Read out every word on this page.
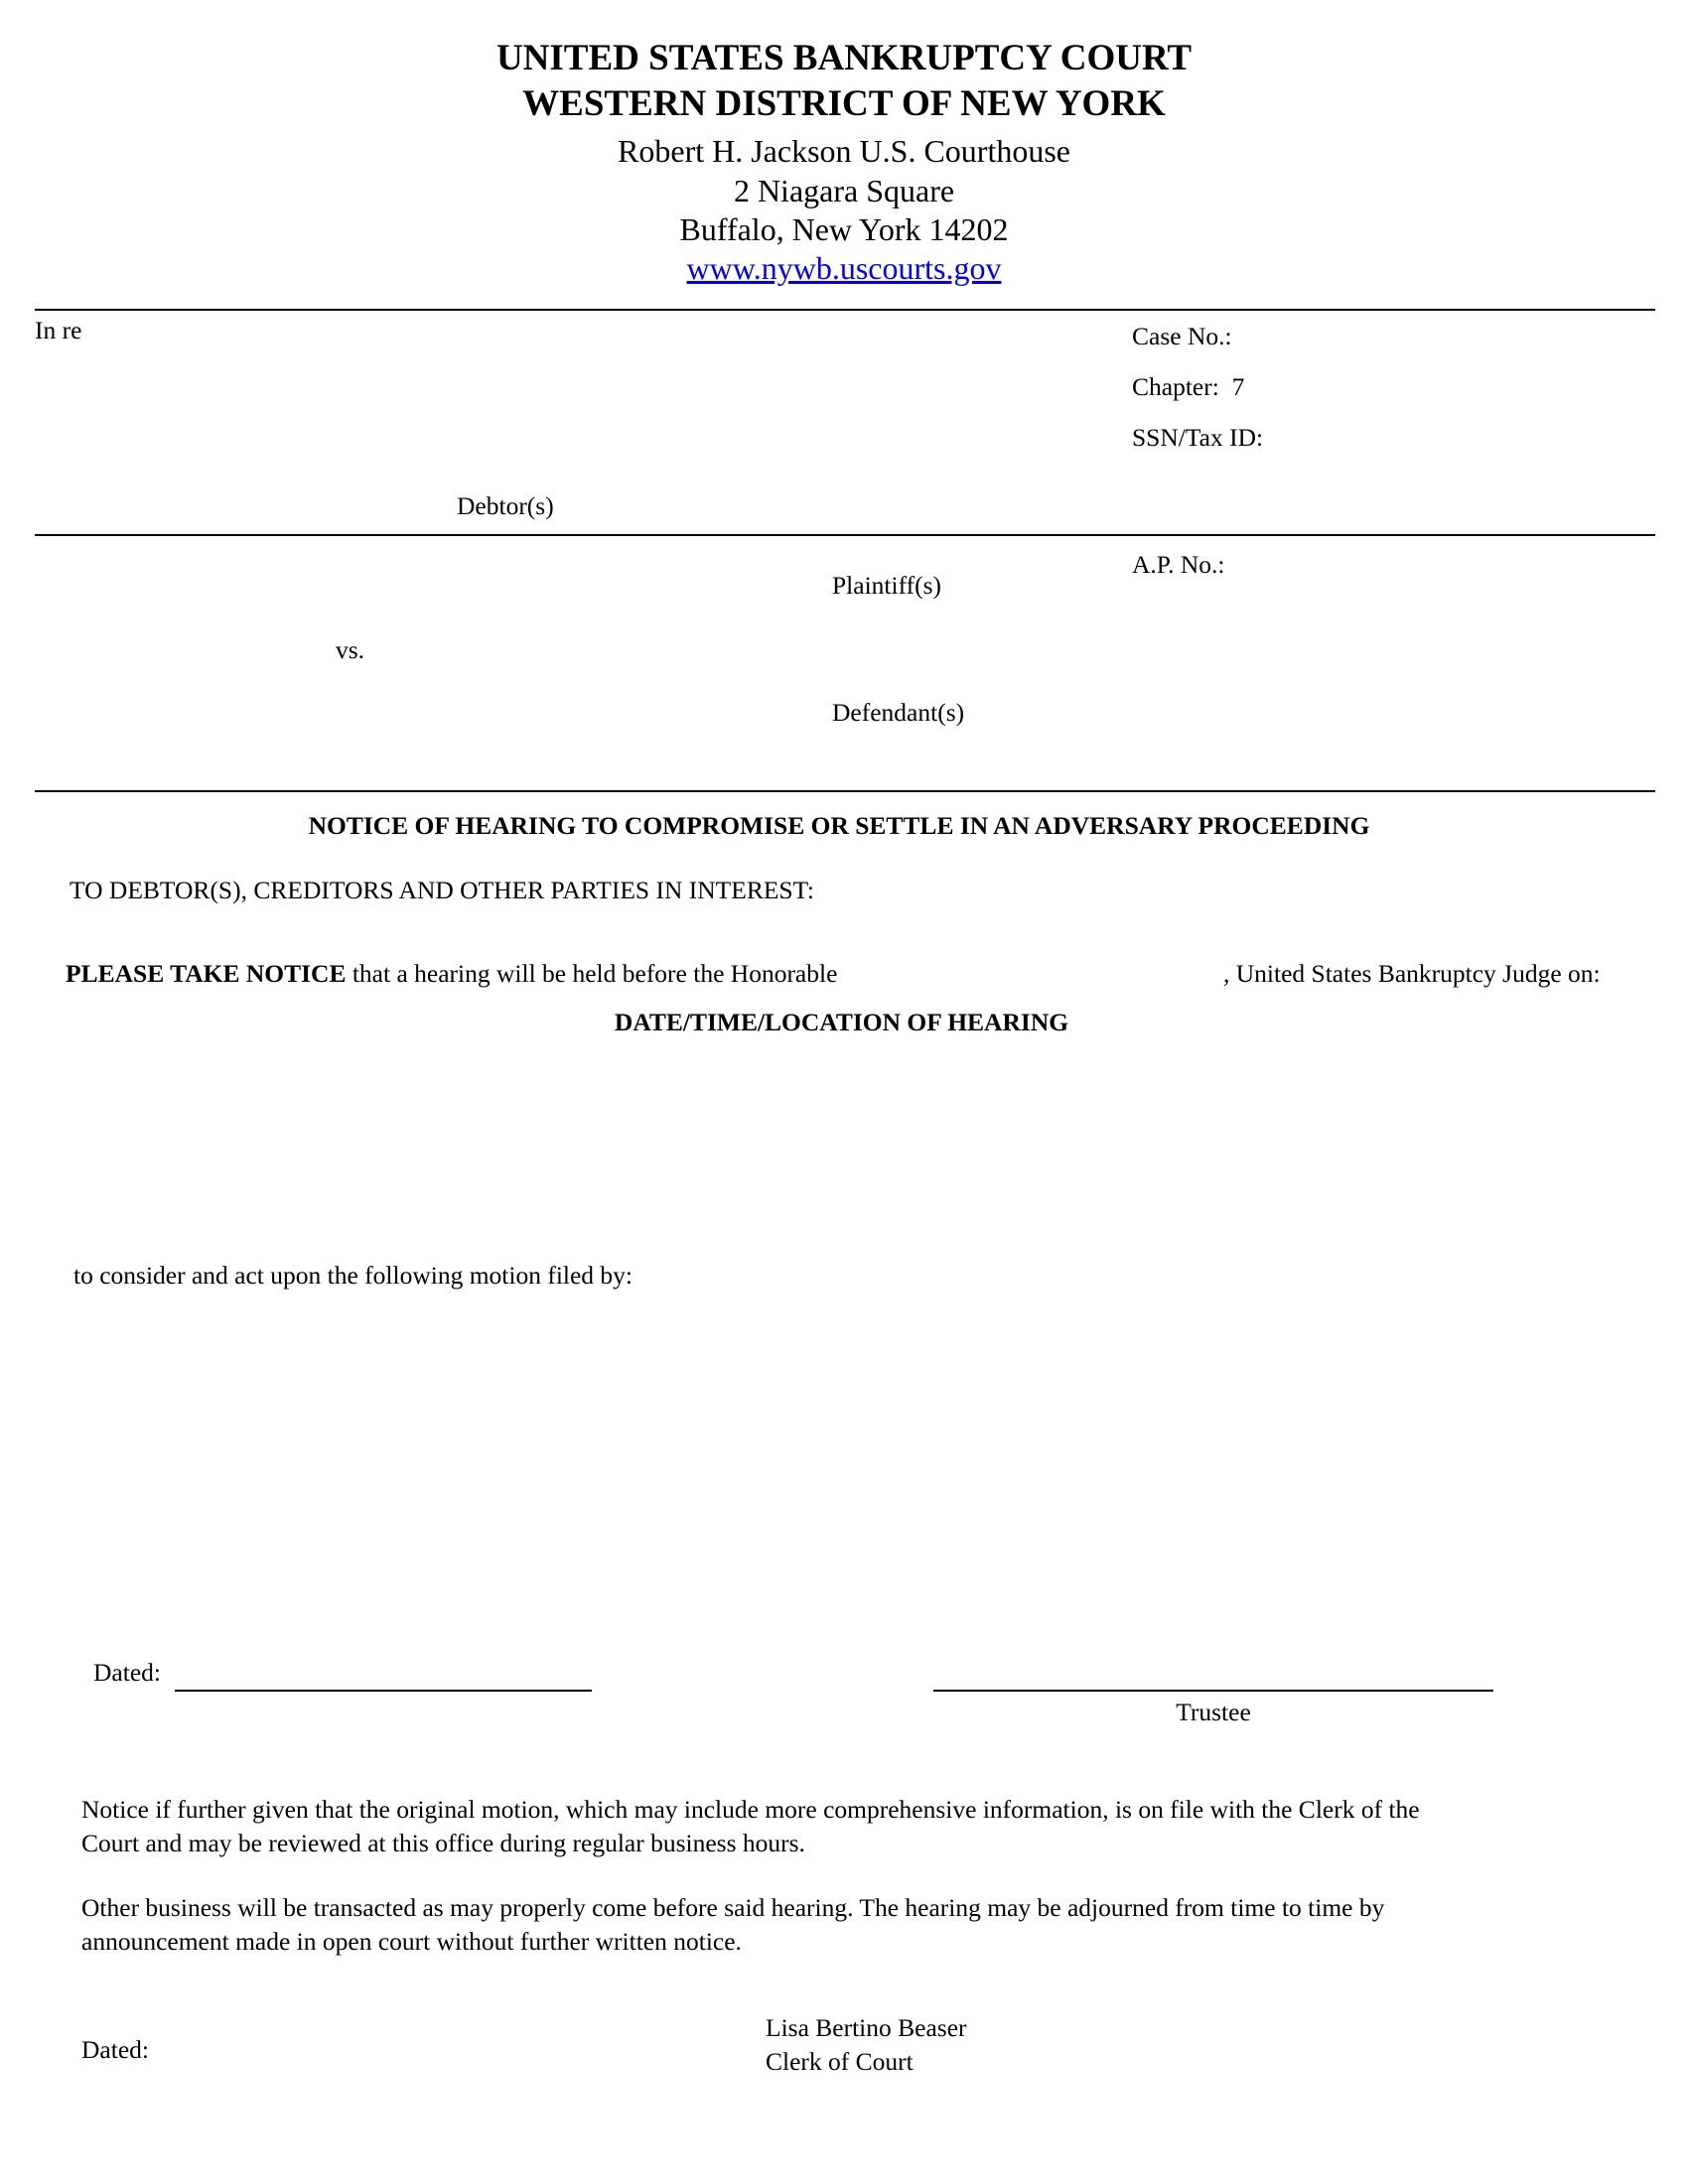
UNITED STATES BANKRUPTCY COURT
WESTERN DISTRICT OF NEW YORK
Robert H. Jackson U.S. Courthouse
2 Niagara Square
Buffalo, New York 14202
www.nywb.uscourts.gov
In re	Case No.:
Chapter: 7
SSN/Tax ID:
Debtor(s)
A.P. No.:
Plaintiff(s)
vs.
Defendant(s)
NOTICE OF HEARING TO COMPROMISE OR SETTLE IN AN ADVERSARY PROCEEDING
TO DEBTOR(S), CREDITORS AND OTHER PARTIES IN INTEREST:
PLEASE TAKE NOTICE that a hearing will be held before the Honorable	, United States Bankruptcy Judge on:
DATE/TIME/LOCATION OF HEARING
to consider and act upon the following motion filed by:
Dated:
Trustee
Notice if further given that the original motion, which may include more comprehensive information, is on file with the Clerk of the
Court and may be reviewed at this office during regular business hours.
Other business will be transacted as may properly come before said hearing. The hearing may be adjourned from time to time by
announcement made in open court without further written notice.
Dated:
Lisa Bertino Beaser
Clerk of Court
